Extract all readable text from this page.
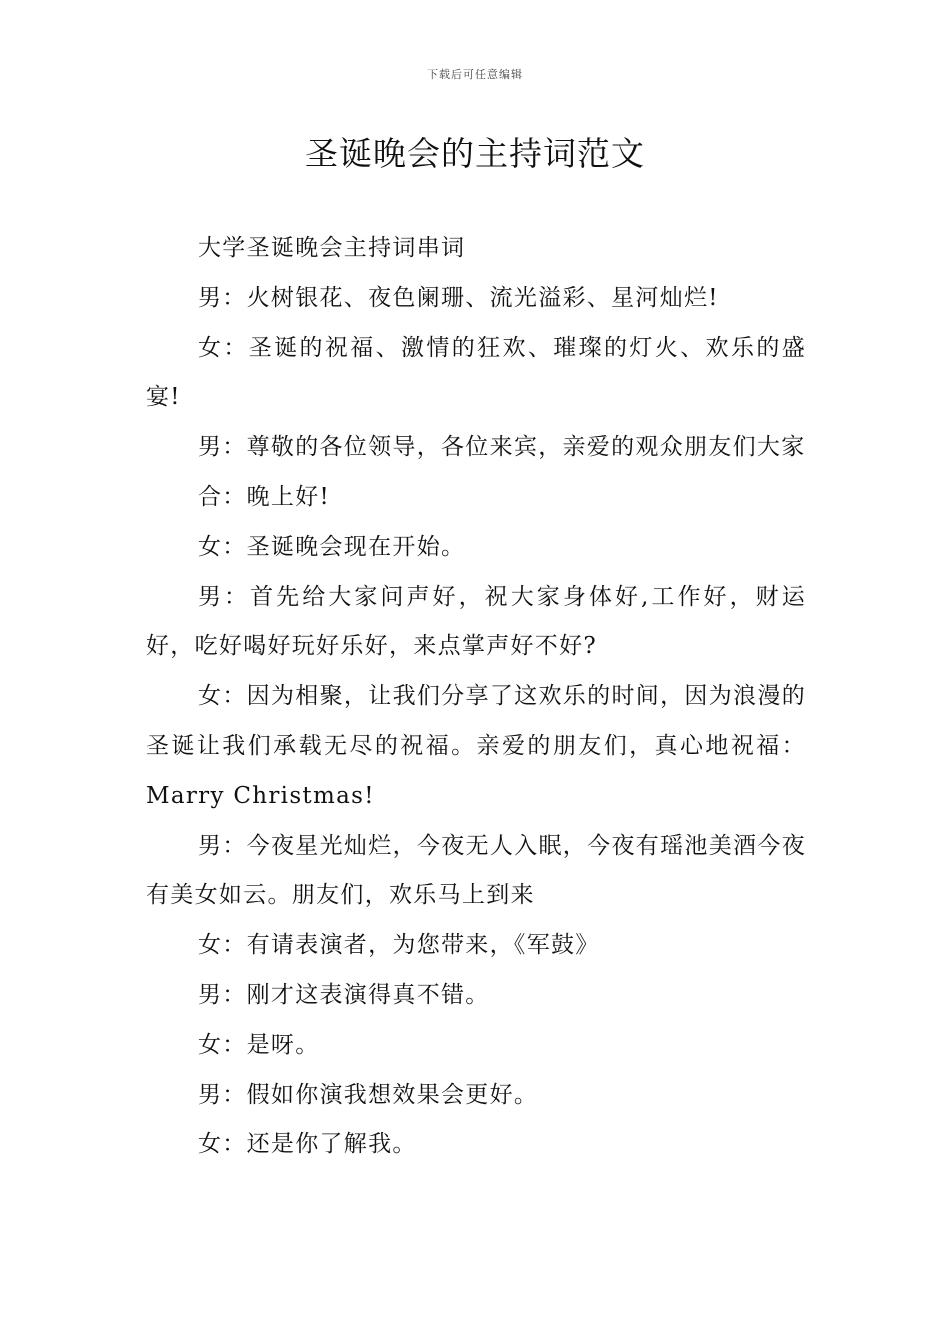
下载后可任意编辑
圣诞晚会的主持词范文

大学圣诞晚会主持词串词

男：火树银花、夜色阑珊、流光溢彩、星河灿烂!

女：圣诞的祝福、激情的狂欢、璀璨的灯火、欢乐的盛宴!

男：尊敬的各位领导，各位来宾，亲爱的观众朋友们大家

合：晚上好!

女：圣诞晚会现在开始。

男：首先给大家问声好，祝大家身体好,工作好，财运好，吃好喝好玩好乐好，来点掌声好不好?

女：因为相聚，让我们分享了这欢乐的时间，因为浪漫的圣诞让我们承载无尽的祝福。亲爱的朋友们，真心地祝福：Marry Christmas!

男：今夜星光灿烂，今夜无人入眠，今夜有瑶池美酒今夜有美女如云。朋友们，欢乐马上到来

女：有请表演者，为您带来，《军鼓》

男：刚才这表演得真不错。

女：是呀。

男：假如你演我想效果会更好。

女：还是你了解我。
